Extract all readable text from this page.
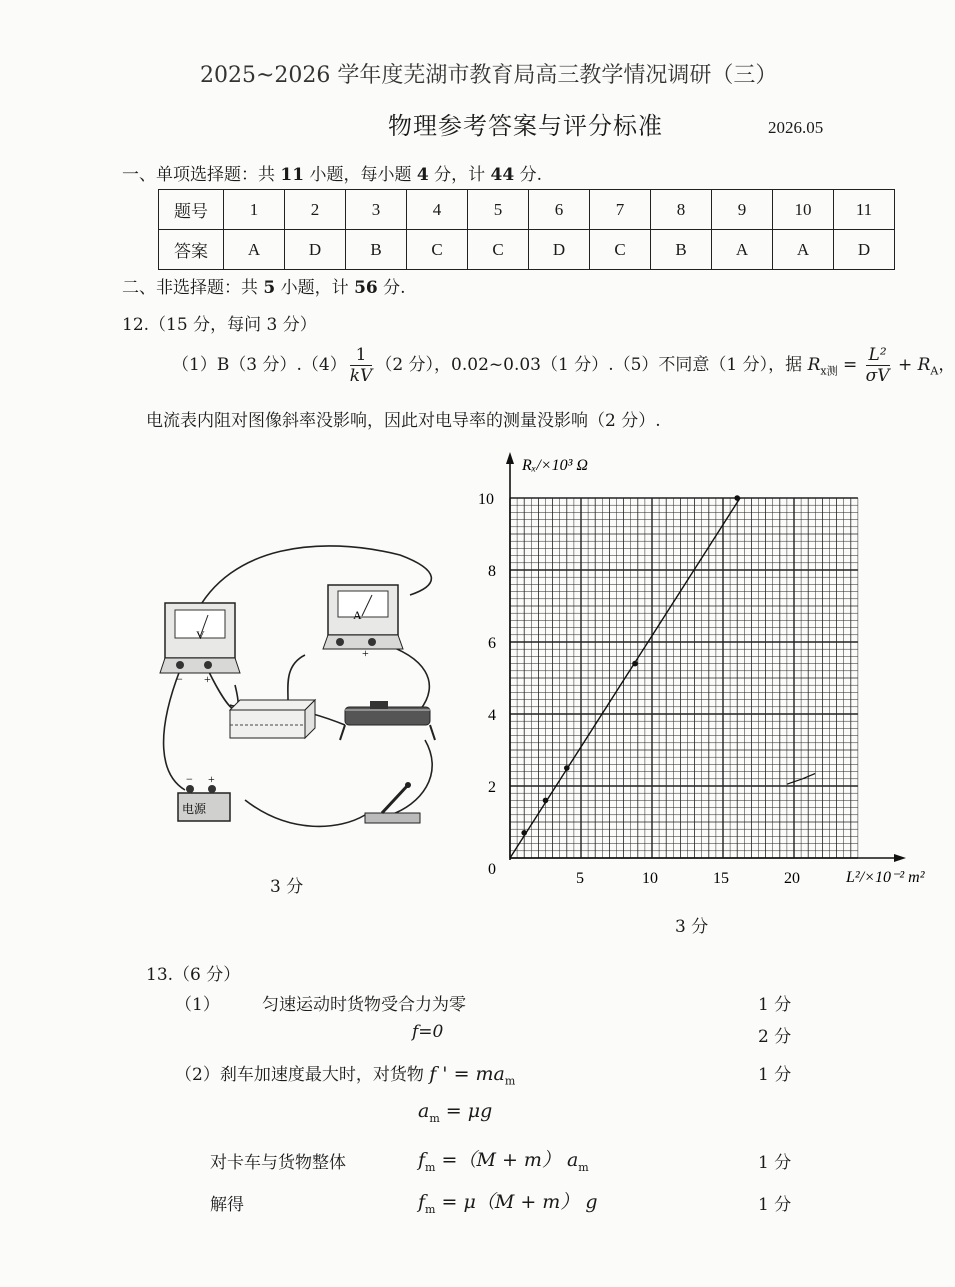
2025~2026 学年度芜湖市教育局高三教学情况调研（三）
物理参考答案与评分标准	2026.05
一、单项选择题：共 11 小题，每小题 4 分，计 44 分.
题号	1	2	3	4	5	6	7	8	9	10	11
答案	A	D	B	C	C	D	C	B	A	A	D
二、非选择题：共 5 小题，计 56 分.
12.（15 分，每问 3 分）
（1）B（3 分）$.(4) \frac{1}{kV} (2$ 分），0.02~0.03（1 分）.（5）不同意（1 分），据 $R_{x测} = \frac{\text{L²}}{\sigma V} + R_A$，
电流表内阻对图像斜率没影响，因此对电导率的测量没影响（2 分）.
V
− +
A
+
− +
电源
3 分
Rₓ/×10³ Ω
L²/×10⁻² m²
0
5	10	15	20
2
4
6
8
10
3 分
13.（6 分）
（1） 匀速运动时货物受合力为零	1 分
f=0	2 分
（2）刹车加速度最大时，对货物 f ' = $ma_m$	1 分
$a_m = \mu g$
对卡车与货物整体	$f_m =(M + m)$ $a_m$	1 分
解得	$f_m = \mu(M + m)$ g	1 分
